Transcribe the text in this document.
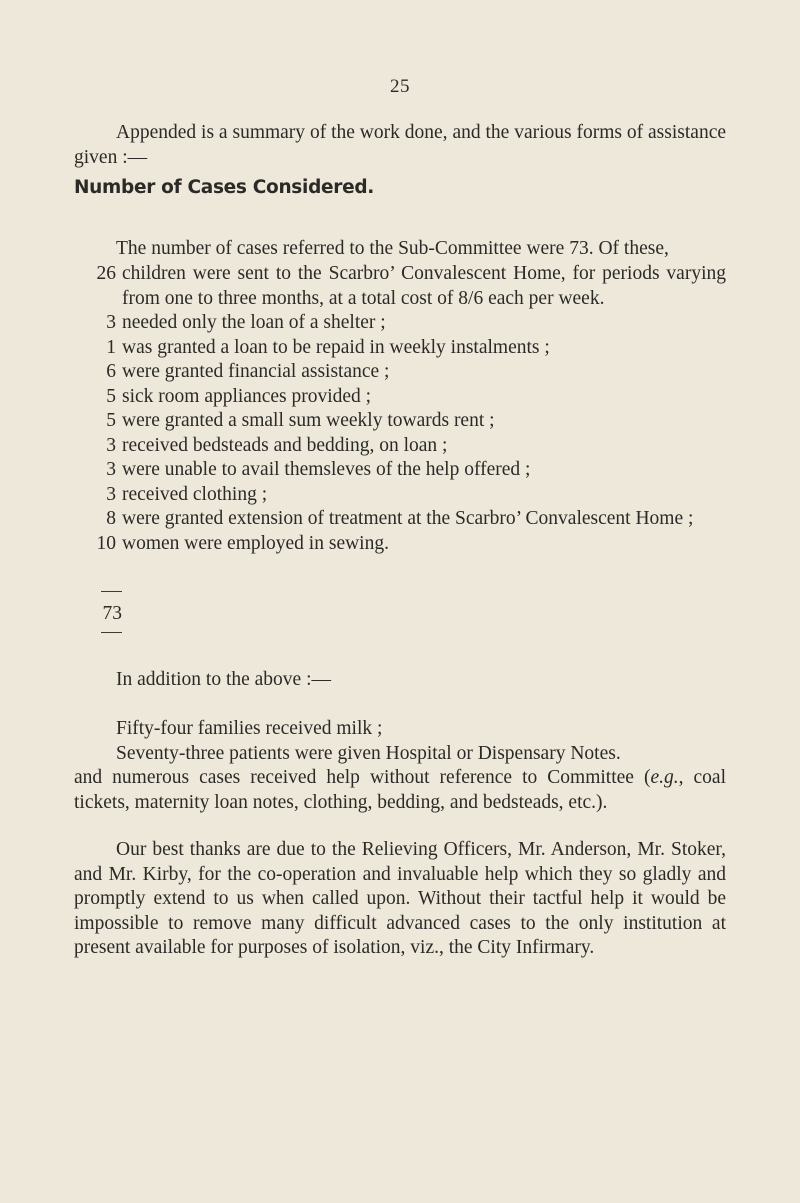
25

Appended is a summary of the work done, and the various forms of assistance given :—

Number of Cases Considered.

The number of cases referred to the Sub-Committee were 73. Of these,

26 children were sent to the Scarbro’ Convalescent Home, for periods varying from one to three months, at a total cost of 8/6 each per week.
3 needed only the loan of a shelter ;
1 was granted a loan to be repaid in weekly instalments ;
6 were granted financial assistance ;
5 sick room appliances provided ;
5 were granted a small sum weekly towards rent ;
3 received bedsteads and bedding, on loan ;
3 were unable to avail themsleves of the help offered ;
3 received clothing ;
8 were granted extension of treatment at the Scarbro’ Convalescent Home ;
10 women were employed in sewing.
73

In addition to the above :—

Fifty-four families received milk ;
Seventy-three patients were given Hospital or Dispensary Notes.

and numerous cases received help without reference to Committee (e.g., coal tickets, maternity loan notes, clothing, bedding, and bedsteads, etc.).

Our best thanks are due to the Relieving Officers, Mr. Anderson, Mr. Stoker, and Mr. Kirby, for the co-operation and invaluable help which they so gladly and promptly extend to us when called upon. Without their tactful help it would be impossible to remove many difficult advanced cases to the only institution at present available for purposes of isolation, viz., the City Infirmary.
